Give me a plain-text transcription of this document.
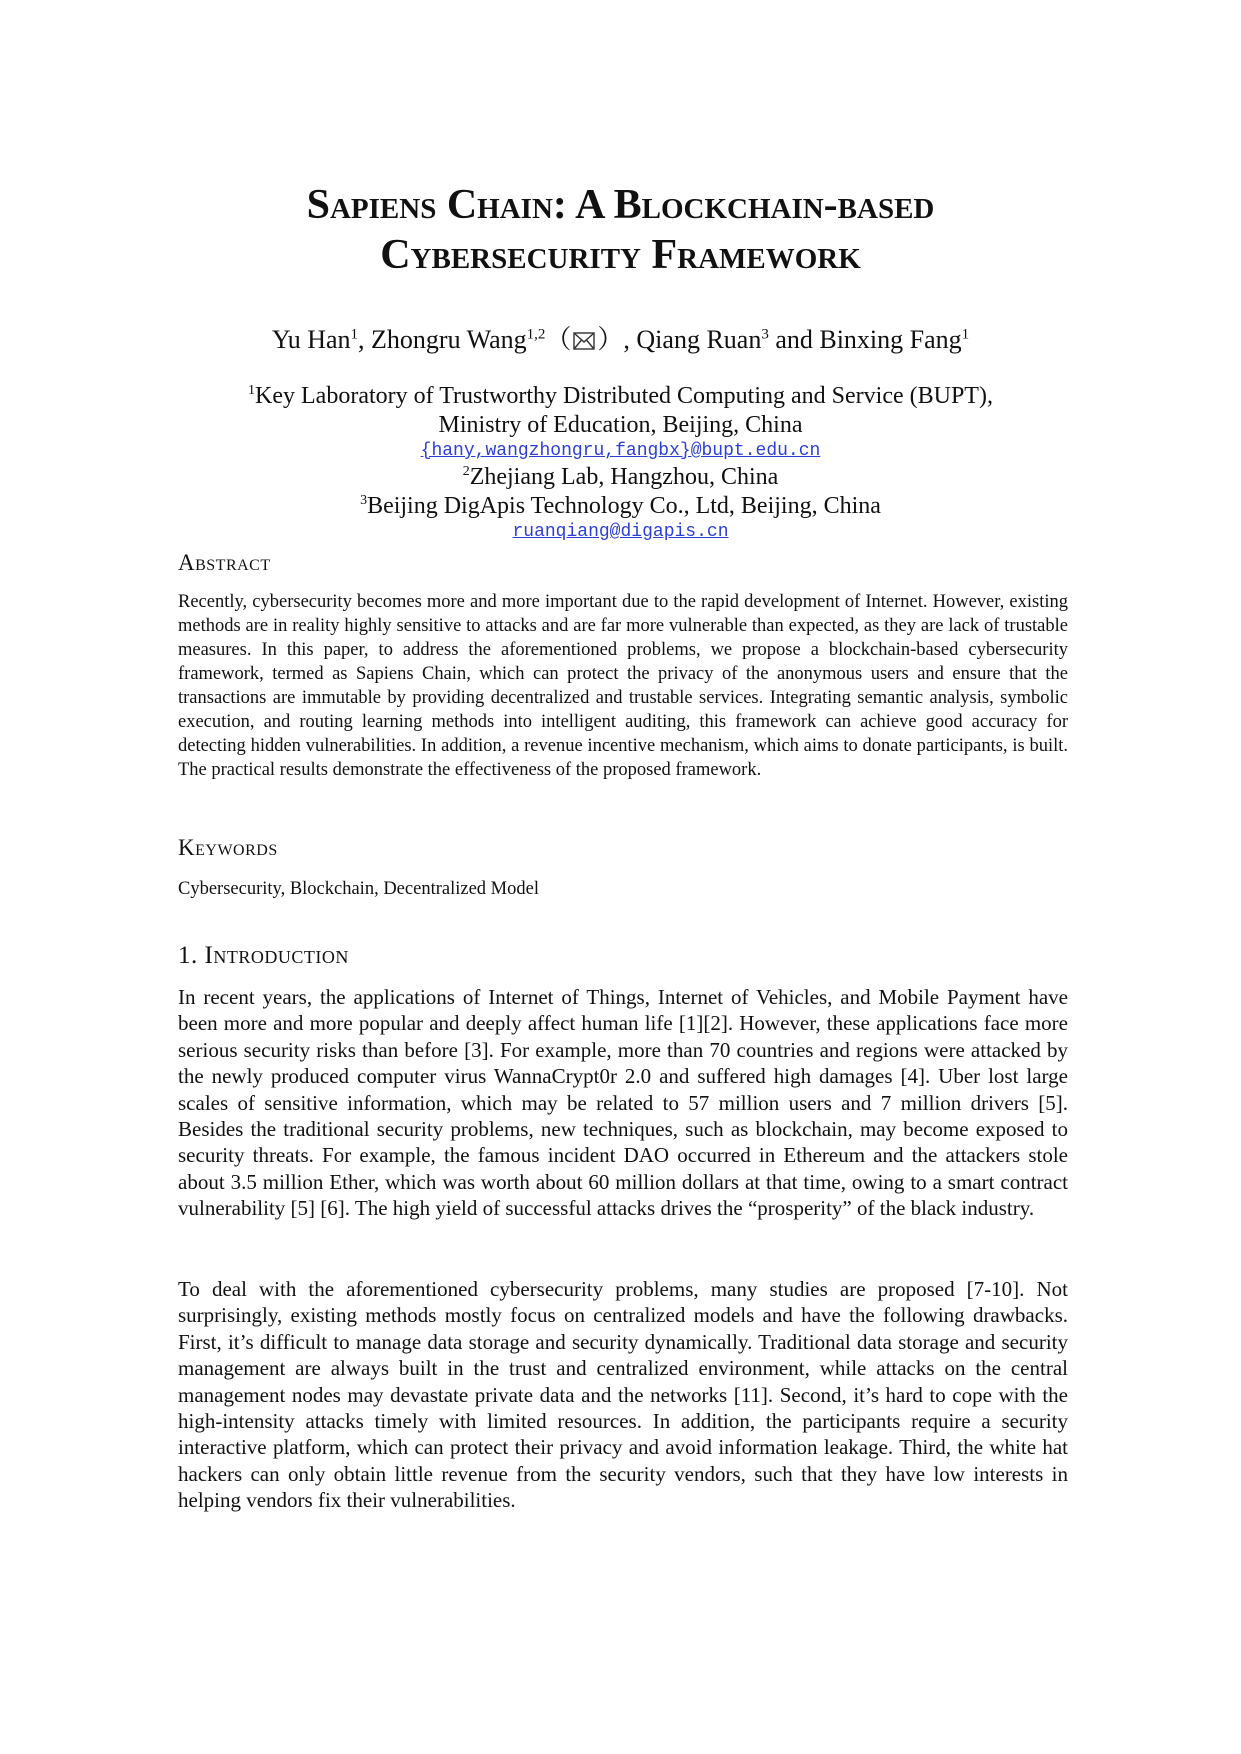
Sapiens Chain: A Blockchain-based
Cybersecurity Framework
Yu Han$^1$, Zhongru Wang$^{1,2}$（ ）, Qiang Ruan$^3$ and Binxing Fang$^1$
$^1$Key Laboratory of Trustworthy Distributed Computing and Service (BUPT),
Ministry of Education, Beijing, China
{hany,wangzhongru,fangbx}@bupt.edu.cn
$^2$Zhejiang Lab, Hangzhou, China
$^3$Beijing DigApis Technology Co., Ltd, Beijing, China
ruanqiang@digapis.cn
Abstract

Recently, cybersecurity becomes more and more important due to the rapid development of Internet. However, existing methods are in reality highly sensitive to attacks and are far more vulnerable than expected, as they are lack of trustable measures. In this paper, to address the aforementioned problems, we propose a blockchain-based cybersecurity framework, termed as Sapiens Chain, which can protect the privacy of the anonymous users and ensure that the transactions are immutable by providing decentralized and trustable services. Integrating semantic analysis, symbolic execution, and routing learning methods into intelligent auditing, this framework can achieve good accuracy for detecting hidden vulnerabilities. In addition, a revenue incentive mechanism, which aims to donate participants, is built. The practical results demonstrate the effectiveness of the proposed framework.

Keywords

Cybersecurity, Blockchain, Decentralized Model

1. Introduction

In recent years, the applications of Internet of Things, Internet of Vehicles, and Mobile Payment have been more and more popular and deeply affect human life [1][2]. However, these applications face more serious security risks than before [3]. For example, more than 70 countries and regions were attacked by the newly produced computer virus WannaCrypt0r 2.0 and suffered high damages [4]. Uber lost large scales of sensitive information, which may be related to 57 million users and 7 million drivers [5]. Besides the traditional security problems, new techniques, such as blockchain, may become exposed to security threats. For example, the famous incident DAO occurred in Ethereum and the attackers stole about 3.5 million Ether, which was worth about 60 million dollars at that time, owing to a smart contract vulnerability [5] [6]. The high yield of successful attacks drives the “prosperity” of the black industry.

To deal with the aforementioned cybersecurity problems, many studies are proposed [7-10]. Not surprisingly, existing methods mostly focus on centralized models and have the following drawbacks. First, it’s difficult to manage data storage and security dynamically. Traditional data storage and security management are always built in the trust and centralized environment, while attacks on the central management nodes may devastate private data and the networks [11]. Second, it’s hard to cope with the high-intensity attacks timely with limited resources. In addition, the participants require a security interactive platform, which can protect their privacy and avoid information leakage. Third, the white hat hackers can only obtain little revenue from the security vendors, such that they have low interests in helping vendors fix their vulnerabilities.
